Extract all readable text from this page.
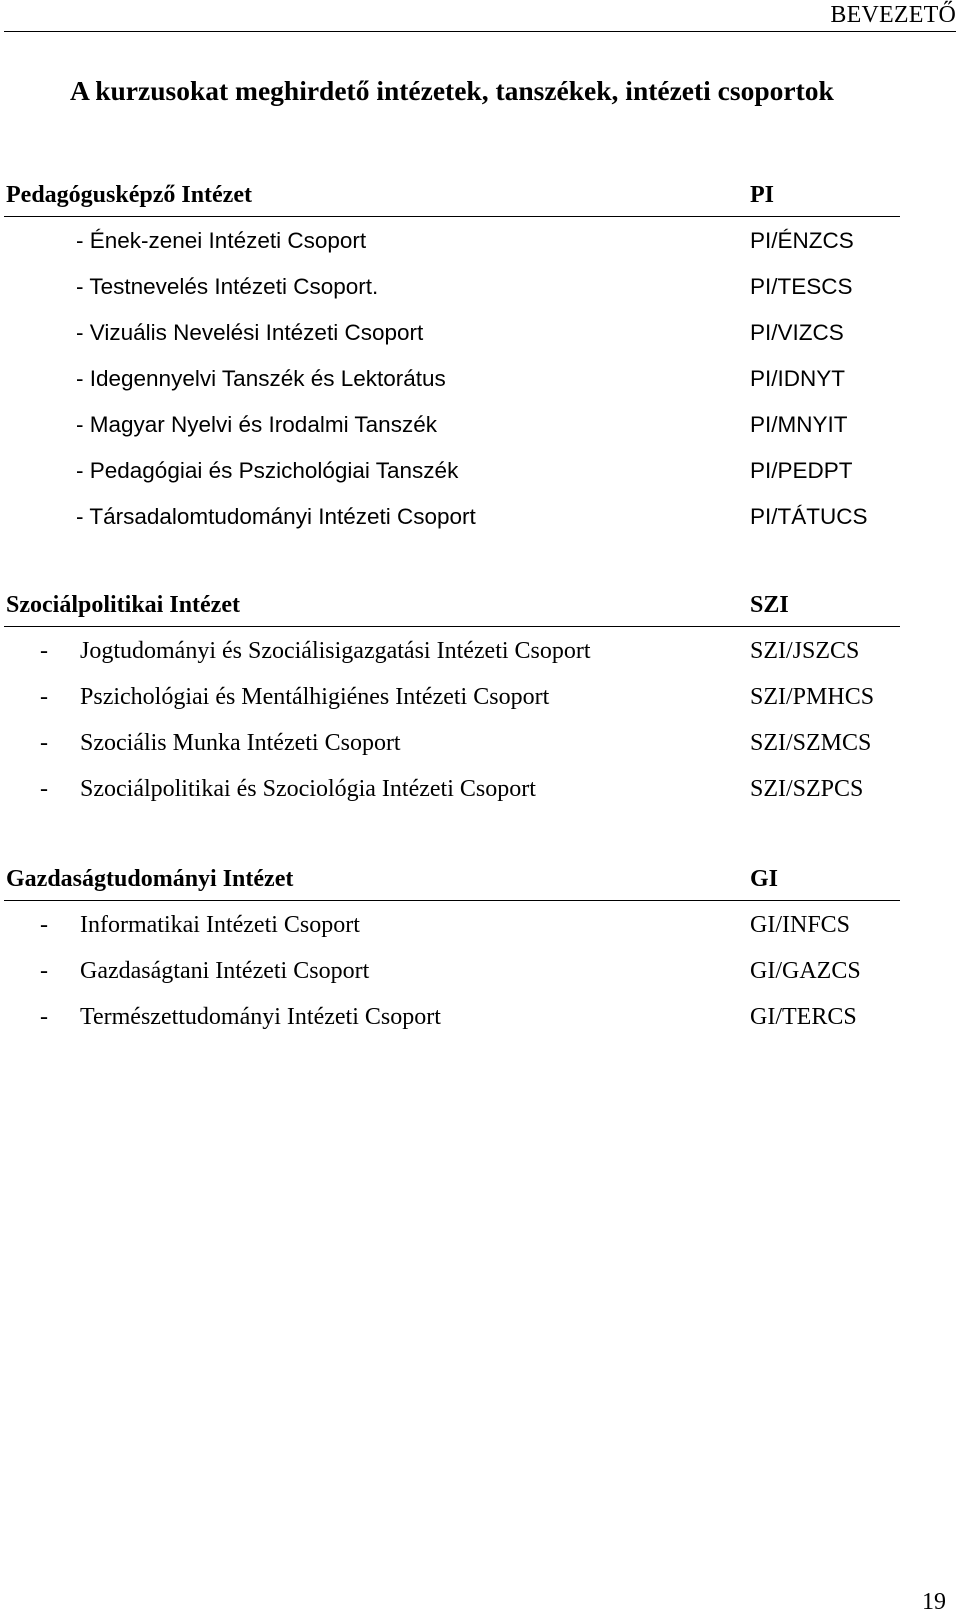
BEVEZETŐ
A kurzusokat meghirdető intézetek, tanszékek, intézeti csoportok
Pedagógusképző Intézet	PI
- Ének-zenei Intézeti Csoport	PI/ÉNZCS
- Testnevelés Intézeti Csoport.	PI/TESCS
- Vizuális Nevelési Intézeti Csoport	PI/VIZCS
- Idegennyelvi Tanszék és Lektorátus	PI/IDNYT
- Magyar Nyelvi és Irodalmi Tanszék	PI/MNYIT
- Pedagógiai és Pszichológiai Tanszék	PI/PEDPT
- Társadalomtudományi Intézeti Csoport	PI/TÁTUCS
Szociálpolitikai Intézet	SZI
- Jogtudományi és Szociálisigazgatási Intézeti Csoport	SZI/JSZCS
- Pszichológiai és Mentálhigiénes Intézeti Csoport	SZI/PMHCS
- Szociális Munka Intézeti Csoport	SZI/SZMCS
- Szociálpolitikai és Szociológia Intézeti Csoport	SZI/SZPCS
Gazdaságtudományi Intézet	GI
- Informatikai Intézeti Csoport	GI/INFCS
- Gazdaságtani Intézeti Csoport	GI/GAZCS
- Természettudományi Intézeti Csoport	GI/TERCS
19
